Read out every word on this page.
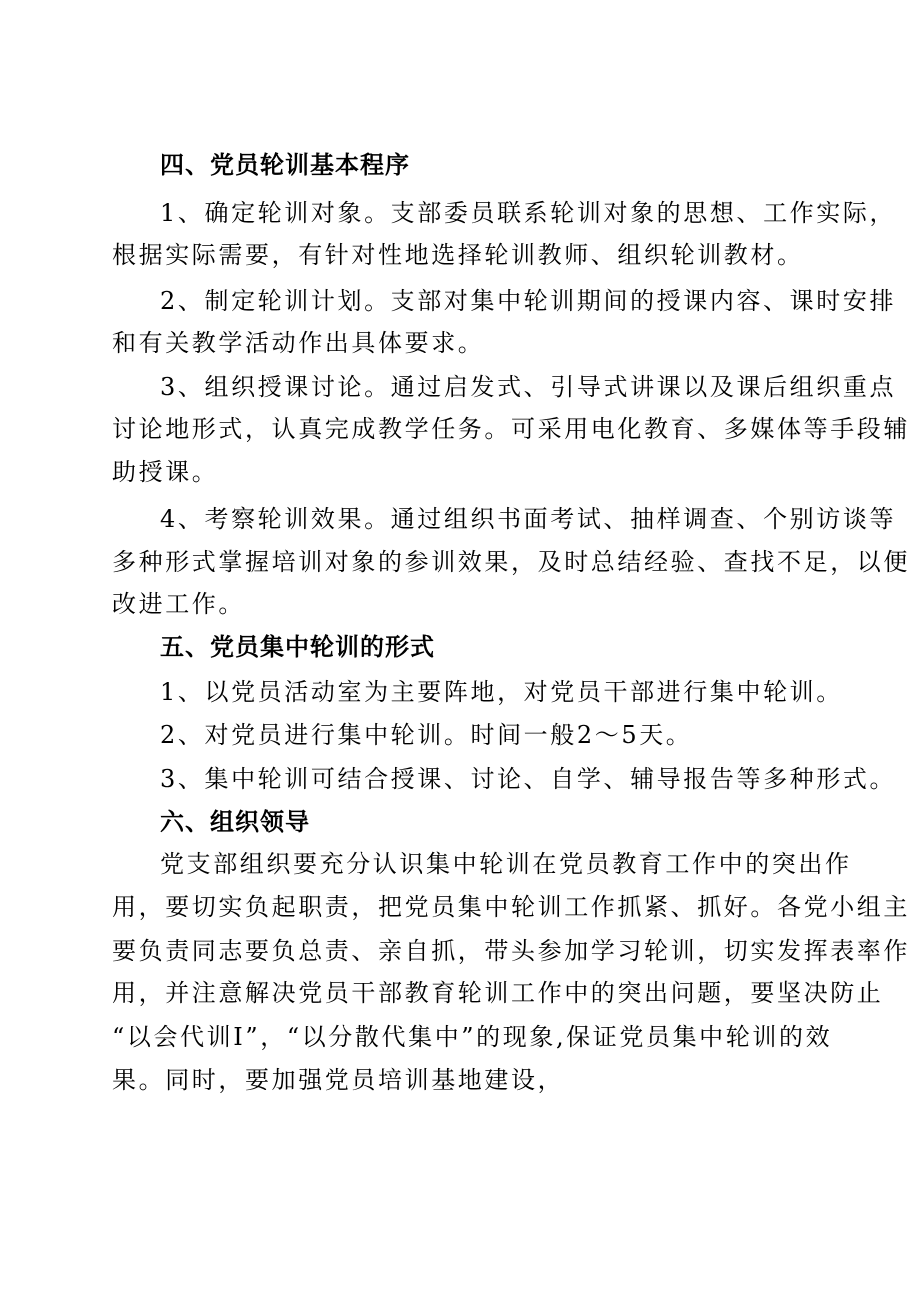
四、党员轮训基本程序
1、确定轮训对象。支部委员联系轮训对象的思想、工作实际，
根据实际需要，有针对性地选择轮训教师、组织轮训教材。
2、制定轮训计划。支部对集中轮训期间的授课内容、课时安排
和有关教学活动作出具体要求。
3、组织授课讨论。通过启发式、引导式讲课以及课后组织重点
讨论地形式，认真完成教学任务。可采用电化教育、多媒体等手段辅
助授课。
4、考察轮训效果。通过组织书面考试、抽样调查、个别访谈等
多种形式掌握培训对象的参训效果，及时总结经验、查找不足，以便
改进工作。
五、党员集中轮训的形式
1、以党员活动室为主要阵地，对党员干部进行集中轮训。
2、对党员进行集中轮训。时间一般2～5天。
3、集中轮训可结合授课、讨论、自学、辅导报告等多种形式。
六、组织领导
党支部组织要充分认识集中轮训在党员教育工作中的突出作
用，要切实负起职责，把党员集中轮训工作抓紧、抓好。各党小组主
要负责同志要负总责、亲自抓，带头参加学习轮训，切实发挥表率作
用，并注意解决党员干部教育轮训工作中的突出问题，要坚决防止
“以会代训I”，“以分散代集中”的现象,保证党员集中轮训的效
果。同时，要加强党员培训基地建设，
